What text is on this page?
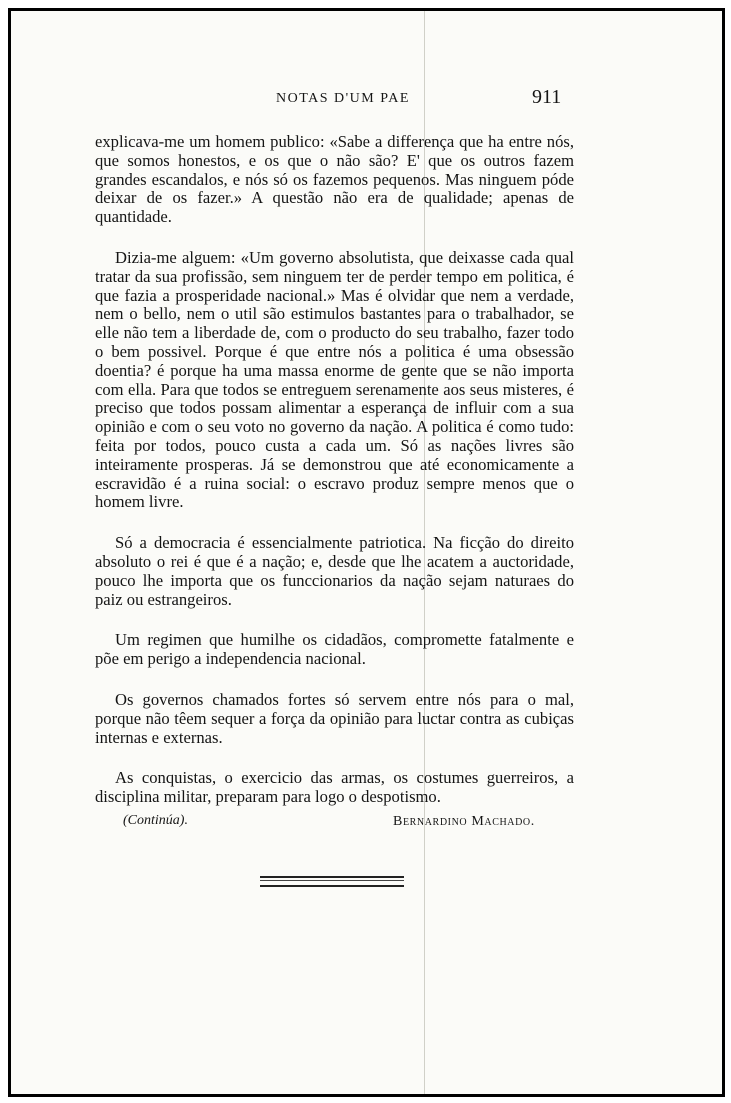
NOTAS D'UM PAE	911

explicava-me um homem publico: «Sabe a differença que ha entre nós, que somos honestos, e os que o não são? E' que os outros fazem grandes escandalos, e nós só os fazemos pequenos. Mas ninguem póde deixar de os fazer.» A questão não era de qualidade; apenas de quantidade.

Dizia-me alguem: «Um governo absolutista, que deixasse cada qual tratar da sua profissão, sem ninguem ter de perder tempo em politica, é que fazia a prosperidade nacional.» Mas é olvidar que nem a verdade, nem o bello, nem o util são estimulos bastantes para o trabalhador, se elle não tem a liberdade de, com o producto do seu trabalho, fazer todo o bem possivel. Porque é que entre nós a politica é uma obsessão doentia? é porque ha uma massa enorme de gente que se não importa com ella. Para que todos se entreguem serenamente aos seus misteres, é preciso que todos possam alimentar a esperança de influir com a sua opinião e com o seu voto no governo da nação. A politica é como tudo: feita por todos, pouco custa a cada um. Só as nações livres são inteiramente prosperas. Já se demonstrou que até economicamente a escravidão é a ruina social: o escravo produz sempre menos que o homem livre.

Só a democracia é essencialmente patriotica. Na ficção do direito absoluto o rei é que é a nação; e, desde que lhe acatem a auctoridade, pouco lhe importa que os funccionarios da nação sejam naturaes do paiz ou estrangeiros.

Um regimen que humilhe os cidadãos, compromette fatalmente e põe em perigo a independencia nacional.

Os governos chamados fortes só servem entre nós para o mal, porque não têem sequer a força da opinião para luctar contra as cubiças internas e externas.

As conquistas, o exercicio das armas, os costumes guerreiros, a disciplina militar, preparam para logo o despotismo.

(Continúa).	Bernardino Machado.
